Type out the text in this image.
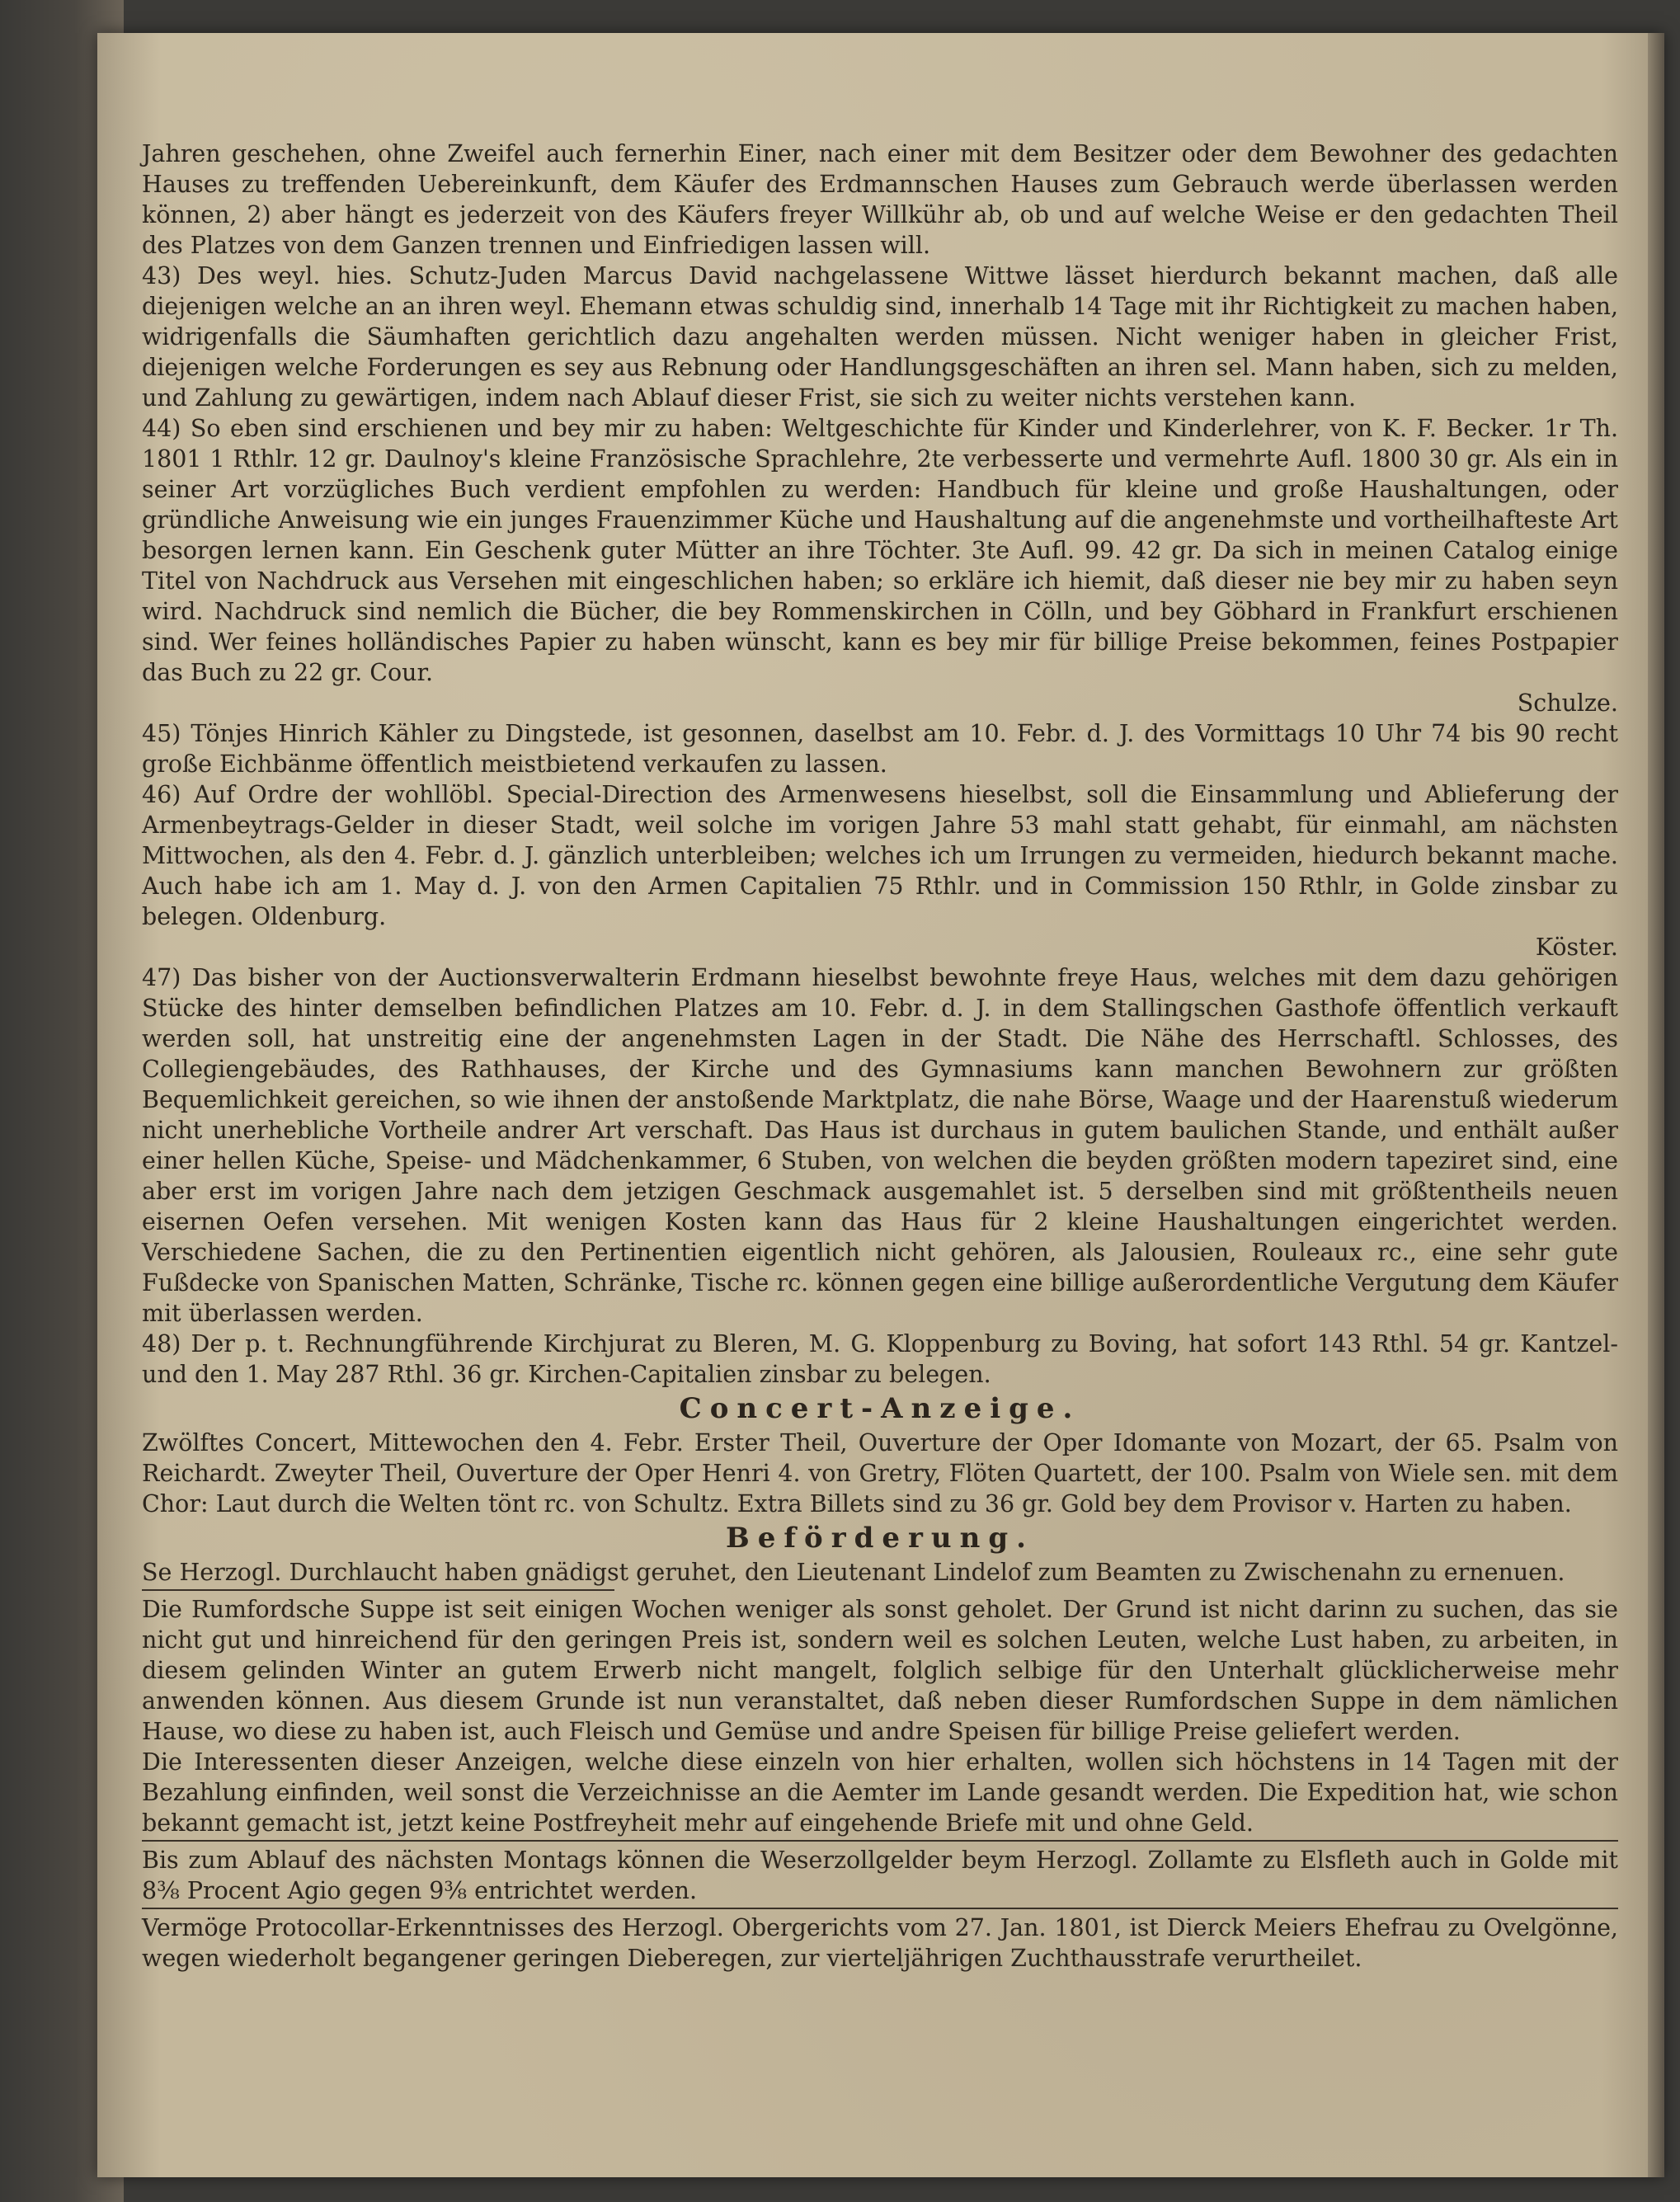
Jahren geschehen, ohne Zweifel auch fernerhin Einer, nach einer mit dem Besitzer oder dem Bewohner des gedachten Hauses zu treffenden Uebereinkunft, dem Käufer des Erdmannschen Hauses zum Gebrauch werde überlassen werden können, 2) aber hängt es jederzeit von des Käufers freyer Willkühr ab, ob und auf welche Weise er den gedachten Theil des Platzes von dem Ganzen trennen und Einfriedigen lassen will.

43) Des weyl. hies. Schutz-Juden Marcus David nachgelassene Wittwe lässet hierdurch bekannt machen, daß alle diejenigen welche an an ihren weyl. Ehemann etwas schuldig sind, innerhalb 14 Tage mit ihr Richtigkeit zu machen haben, widrigenfalls die Säumhaften gerichtlich dazu angehalten werden müssen. Nicht weniger haben in gleicher Frist, diejenigen welche Forderungen es sey aus Rebnung oder Handlungsgeschäften an ihren sel. Mann haben, sich zu melden, und Zahlung zu gewärtigen, indem nach Ablauf dieser Frist, sie sich zu weiter nichts verstehen kann.

44) So eben sind erschienen und bey mir zu haben: Weltgeschichte für Kinder und Kinderlehrer, von K. F. Becker. 1r Th. 1801 1 Rthlr. 12 gr. Daulnoy's kleine Französische Sprachlehre, 2te verbesserte und vermehrte Aufl. 1800 30 gr. Als ein in seiner Art vorzügliches Buch verdient empfohlen zu werden: Handbuch für kleine und große Haushaltungen, oder gründliche Anweisung wie ein junges Frauenzimmer Küche und Haushaltung auf die angenehmste und vortheilhafteste Art besorgen lernen kann. Ein Geschenk guter Mütter an ihre Töchter. 3te Aufl. 99. 42 gr. Da sich in meinen Catalog einige Titel von Nachdruck aus Versehen mit eingeschlichen haben; so erkläre ich hiemit, daß dieser nie bey mir zu haben seyn wird. Nachdruck sind nemlich die Bücher, die bey Rommenskirchen in Cölln, und bey Göbhard in Frankfurt erschienen sind. Wer feines holländisches Papier zu haben wünscht, kann es bey mir für billige Preise bekommen, feines Postpapier das Buch zu 22 gr. Cour.
Schulze.

45) Tönjes Hinrich Kähler zu Dingstede, ist gesonnen, daselbst am 10. Febr. d. J. des Vormittags 10 Uhr 74 bis 90 recht große Eichbänme öffentlich meistbietend verkaufen zu lassen.

46) Auf Ordre der wohllöbl. Special-Direction des Armenwesens hieselbst, soll die Einsammlung und Ablieferung der Armenbeytrags-Gelder in dieser Stadt, weil solche im vorigen Jahre 53 mahl statt gehabt, für einmahl, am nächsten Mittwochen, als den 4. Febr. d. J. gänzlich unterbleiben; welches ich um Irrungen zu vermeiden, hiedurch bekannt mache. Auch habe ich am 1. May d. J. von den Armen Capitalien 75 Rthlr. und in Commission 150 Rthlr, in Golde zinsbar zu belegen. Oldenburg.
Köster.

47) Das bisher von der Auctionsverwalterin Erdmann hieselbst bewohnte freye Haus, welches mit dem dazu gehörigen Stücke des hinter demselben befindlichen Platzes am 10. Febr. d. J. in dem Stallingschen Gasthofe öffentlich verkauft werden soll, hat unstreitig eine der angenehmsten Lagen in der Stadt. Die Nähe des Herrschaftl. Schlosses, des Collegiengebäudes, des Rathhauses, der Kirche und des Gymnasiums kann manchen Bewohnern zur größten Bequemlichkeit gereichen, so wie ihnen der anstoßende Marktplatz, die nahe Börse, Waage und der Haarenstuß wiederum nicht unerhebliche Vortheile andrer Art verschaft. Das Haus ist durchaus in gutem baulichen Stande, und enthält außer einer hellen Küche, Speise- und Mädchenkammer, 6 Stuben, von welchen die beyden größten modern tapeziret sind, eine aber erst im vorigen Jahre nach dem jetzigen Geschmack ausgemahlet ist. 5 derselben sind mit größtentheils neuen eisernen Oefen versehen. Mit wenigen Kosten kann das Haus für 2 kleine Haushaltungen eingerichtet werden. Verschiedene Sachen, die zu den Pertinentien eigentlich nicht gehören, als Jalousien, Rouleaux rc., eine sehr gute Fußdecke von Spanischen Matten, Schränke, Tische rc. können gegen eine billige außerordentliche Vergutung dem Käufer mit überlassen werden.

48) Der p. t. Rechnungführende Kirchjurat zu Bleren, M. G. Kloppenburg zu Boving, hat sofort 143 Rthl. 54 gr. Kantzel- und den 1. May 287 Rthl. 36 gr. Kirchen-Capitalien zinsbar zu belegen.

Concert-Anzeige.

Zwölftes Concert, Mittewochen den 4. Febr. Erster Theil, Ouverture der Oper Idomante von Mozart, der 65. Psalm von Reichardt. Zweyter Theil, Ouverture der Oper Henri 4. von Gretry, Flöten Quartett, der 100. Psalm von Wiele sen. mit dem Chor: Laut durch die Welten tönt rc. von Schultz. Extra Billets sind zu 36 gr. Gold bey dem Provisor v. Harten zu haben.

Beförderung.

Se Herzogl. Durchlaucht haben gnädigst geruhet, den Lieutenant Lindelof zum Beamten zu Zwischenahn zu ernenuen.

Die Rumfordsche Suppe ist seit einigen Wochen weniger als sonst geholet. Der Grund ist nicht darinn zu suchen, das sie nicht gut und hinreichend für den geringen Preis ist, sondern weil es solchen Leuten, welche Lust haben, zu arbeiten, in diesem gelinden Winter an gutem Erwerb nicht mangelt, folglich selbige für den Unterhalt glücklicherweise mehr anwenden können. Aus diesem Grunde ist nun veranstaltet, daß neben dieser Rumfordschen Suppe in dem nämlichen Hause, wo diese zu haben ist, auch Fleisch und Gemüse und andre Speisen für billige Preise geliefert werden.

Die Interessenten dieser Anzeigen, welche diese einzeln von hier erhalten, wollen sich höchstens in 14 Tagen mit der Bezahlung einfinden, weil sonst die Verzeichnisse an die Aemter im Lande gesandt werden. Die Expedition hat, wie schon bekannt gemacht ist, jetzt keine Postfreyheit mehr auf eingehende Briefe mit und ohne Geld.

Bis zum Ablauf des nächsten Montags können die Weserzollgelder beym Herzogl. Zollamte zu Elsfleth auch in Golde mit 8⅜ Procent Agio gegen 9⅜ entrichtet werden.

Vermöge Protocollar-Erkenntnisses des Herzogl. Obergerichts vom 27. Jan. 1801, ist Dierck Meiers Ehefrau zu Ovelgönne, wegen wiederholt begangener geringen Dieberegen, zur vierteljährigen Zuchthausstrafe verurtheilet.
